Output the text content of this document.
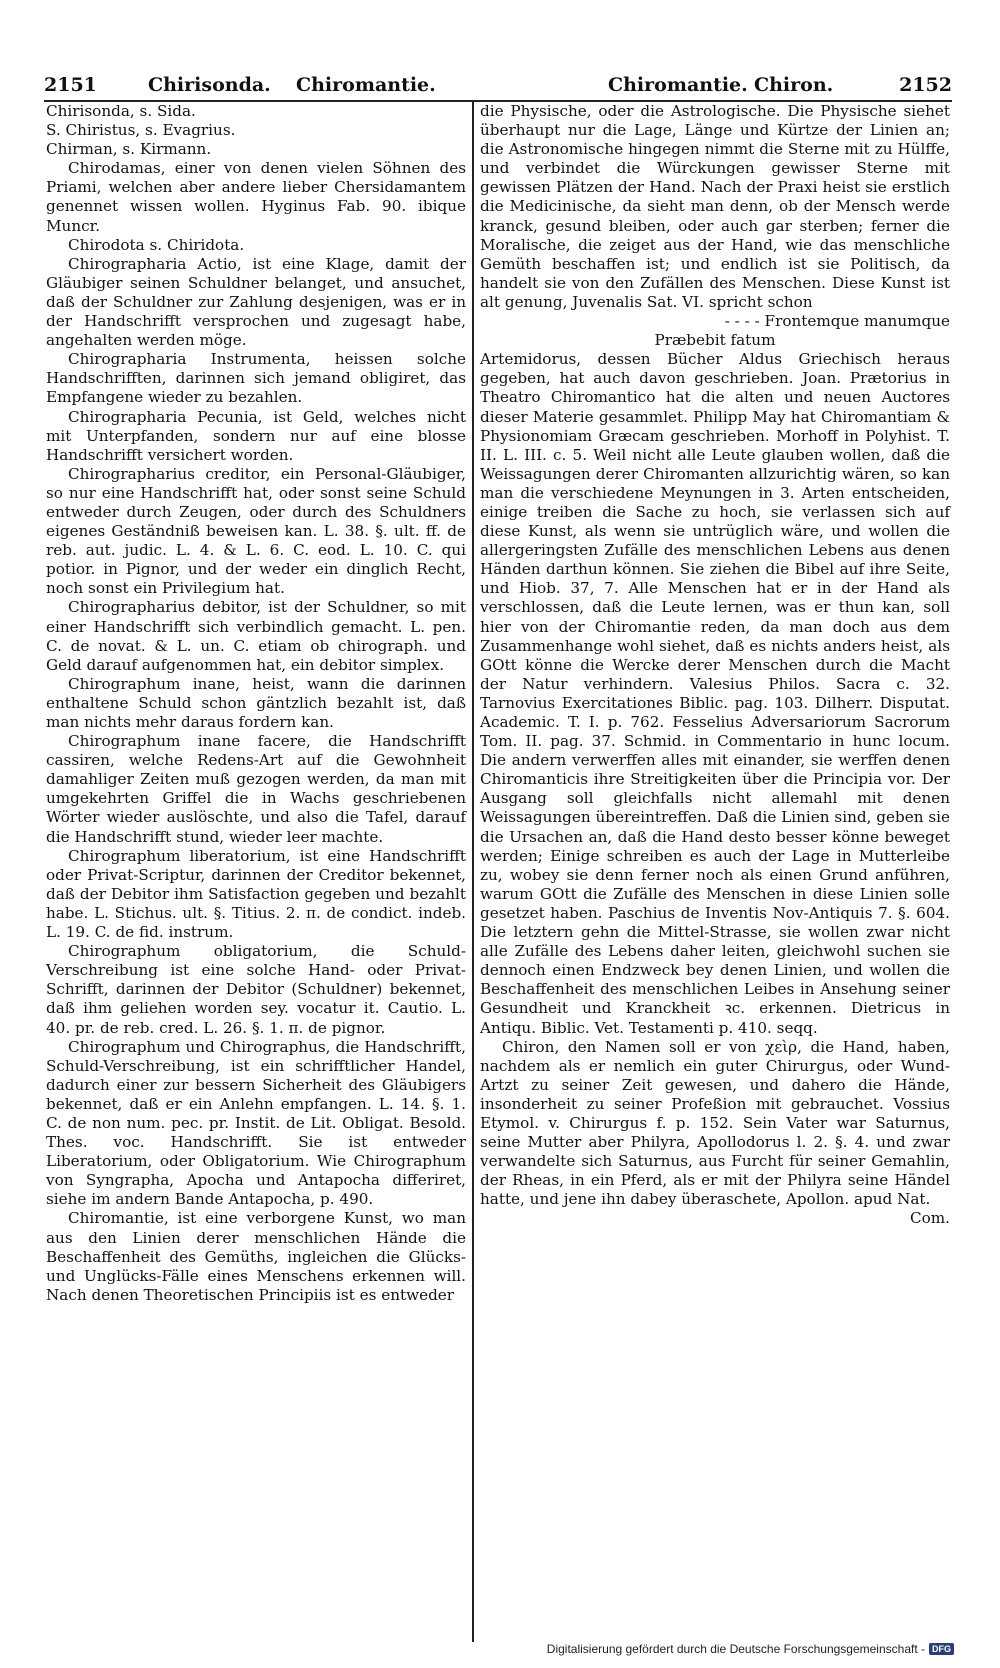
2151	Chirisonda. Chiromantie.	Chiromantie. Chiron.	2152

Chirisonda, s. Sida.

S. Chiristus, s. Evagrius.

Chirman, s. Kirmann.

Chirodamas, einer von denen vielen Söhnen des Priami, welchen aber andere lieber Chersidamantem genennet wissen wollen. Hyginus Fab. 90. ibique Muncr.

Chirodota s. Chiridota.

Chirographaria Actio, ist eine Klage, damit der Gläubiger seinen Schuldner belanget, und ansuchet, daß der Schuldner zur Zahlung desjenigen, was er in der Handschrifft versprochen und zugesagt habe, angehalten werden möge.

Chirographaria Instrumenta, heissen solche Handschrifften, darinnen sich jemand obligiret, das Empfangene wieder zu bezahlen.

Chirographaria Pecunia, ist Geld, welches nicht mit Unterpfanden, sondern nur auf eine blosse Handschrifft versichert worden.

Chirographarius creditor, ein Personal-Gläubiger, so nur eine Handschrifft hat, oder sonst seine Schuld entweder durch Zeugen, oder durch des Schuldners eigenes Geständniß beweisen kan. L. 38. §. ult. ff. de reb. aut. judic. L. 4. & L. 6. C. eod. L. 10. C. qui potior. in Pignor, und der weder ein dinglich Recht, noch sonst ein Privilegium hat.

Chirographarius debitor, ist der Schuldner, so mit einer Handschrifft sich verbindlich gemacht. L. pen. C. de novat. & L. un. C. etiam ob chirograph. und Geld darauf aufgenommen hat, ein debitor simplex.

Chirographum inane, heist, wann die darinnen enthaltene Schuld schon gäntzlich bezahlt ist, daß man nichts mehr daraus fordern kan.

Chirographum inane facere, die Handschrifft cassiren, welche Redens-Art auf die Gewohnheit damahliger Zeiten muß gezogen werden, da man mit umgekehrten Griffel die in Wachs geschriebenen Wörter wieder auslöschte, und also die Tafel, darauf die Handschrifft stund, wieder leer machte.

Chirographum liberatorium, ist eine Handschrifft oder Privat-Scriptur, darinnen der Creditor bekennet, daß der Debitor ihm Satisfaction gegeben und bezahlt habe. L. Stichus. ult. §. Titius. 2. π. de condict. indeb. L. 19. C. de fid. instrum.

Chirographum obligatorium, die Schuld-Verschreibung ist eine solche Hand- oder Privat-Schrifft, darinnen der Debitor (Schuldner) bekennet, daß ihm geliehen worden sey. vocatur it. Cautio. L. 40. pr. de reb. cred. L. 26. §. 1. π. de pignor.

Chirographum und Chirographus, die Handschrifft, Schuld-Verschreibung, ist ein schrifftlicher Handel, dadurch einer zur bessern Sicherheit des Gläubigers bekennet, daß er ein Anlehn empfangen. L. 14. §. 1. C. de non num. pec. pr. Instit. de Lit. Obligat. Besold. Thes. voc. Handschrifft. Sie ist entweder Liberatorium, oder Obligatorium. Wie Chirographum von Syngrapha, Apocha und Antapocha differiret, siehe im andern Bande Antapocha, p. 490.

Chiromantie, ist eine verborgene Kunst, wo man aus den Linien derer menschlichen Hände die Beschaffenheit des Gemüths, ingleichen die Glücks- und Unglücks-Fälle eines Menschens erkennen will. Nach denen Theoretischen Principiis ist es entweder

die Physische, oder die Astrologische. Die Physische siehet überhaupt nur die Lage, Länge und Kürtze der Linien an; die Astronomische hingegen nimmt die Sterne mit zu Hülffe, und verbindet die Würckungen gewisser Sterne mit gewissen Plätzen der Hand. Nach der Praxi heist sie erstlich die Medicinische, da sieht man denn, ob der Mensch werde kranck, gesund bleiben, oder auch gar sterben; ferner die Moralische, die zeiget aus der Hand, wie das menschliche Gemüth beschaffen ist; und endlich ist sie Politisch, da handelt sie von den Zufällen des Menschen. Diese Kunst ist alt genung, Juvenalis Sat. VI. spricht schon

- - - - Frontemque manumque

Præbebit fatum

Artemidorus, dessen Bücher Aldus Griechisch heraus gegeben, hat auch davon geschrieben. Joan. Prætorius in Theatro Chiromantico hat die alten und neuen Auctores dieser Materie gesammlet. Philipp May hat Chiromantiam & Physionomiam Græcam geschrieben. Morhoff in Polyhist. T. II. L. III. c. 5. Weil nicht alle Leute glauben wollen, daß die Weissagungen derer Chiromanten allzurichtig wären, so kan man die verschiedene Meynungen in 3. Arten entscheiden, einige treiben die Sache zu hoch, sie verlassen sich auf diese Kunst, als wenn sie untrüglich wäre, und wollen die allergeringsten Zufälle des menschlichen Lebens aus denen Händen darthun können. Sie ziehen die Bibel auf ihre Seite, und Hiob. 37, 7. Alle Menschen hat er in der Hand als verschlossen, daß die Leute lernen, was er thun kan, soll hier von der Chiromantie reden, da man doch aus dem Zusammenhange wohl siehet, daß es nichts anders heist, als GOtt könne die Wercke derer Menschen durch die Macht der Natur verhindern. Valesius Philos. Sacra c. 32. Tarnovius Exercitationes Biblic. pag. 103. Dilherr. Disputat. Academic. T. I. p. 762. Fesselius Adversariorum Sacrorum Tom. II. pag. 37. Schmid. in Commentario in hunc locum. Die andern verwerffen alles mit einander, sie werffen denen Chiromanticis ihre Streitigkeiten über die Principia vor. Der Ausgang soll gleichfalls nicht allemahl mit denen Weissagungen übereintreffen. Daß die Linien sind, geben sie die Ursachen an, daß die Hand desto besser könne beweget werden; Einige schreiben es auch der Lage in Mutterleibe zu, wobey sie denn ferner noch als einen Grund anführen, warum GOtt die Zufälle des Menschen in diese Linien solle gesetzet haben. Paschius de Inventis Nov-Antiquis 7. §. 604. Die letztern gehn die Mittel-Strasse, sie wollen zwar nicht alle Zufälle des Lebens daher leiten, gleichwohl suchen sie dennoch einen Endzweck bey denen Linien, und wollen die Beschaffenheit des menschlichen Leibes in Ansehung seiner Gesundheit und Kranckheit ꝛc. erkennen. Dietricus in Antiqu. Biblic. Vet. Testamenti p. 410. seqq.

Chiron, den Namen soll er von χεὶρ, die Hand, haben, nachdem als er nemlich ein guter Chirurgus, oder Wund-Artzt zu seiner Zeit gewesen, und dahero die Hände, insonderheit zu seiner Profeßion mit gebrauchet. Vossius Etymol. v. Chirurgus f. p. 152. Sein Vater war Saturnus, seine Mutter aber Philyra, Apollodorus l. 2. §. 4. und zwar verwandelte sich Saturnus, aus Furcht für seiner Gemahlin, der Rheas, in ein Pferd, als er mit der Philyra seine Händel hatte, und jene ihn dabey überaschete, Apollon. apud Nat.

Com.

Digitalisierung gefördert durch die Deutsche Forschungsgemeinschaft - DFG
